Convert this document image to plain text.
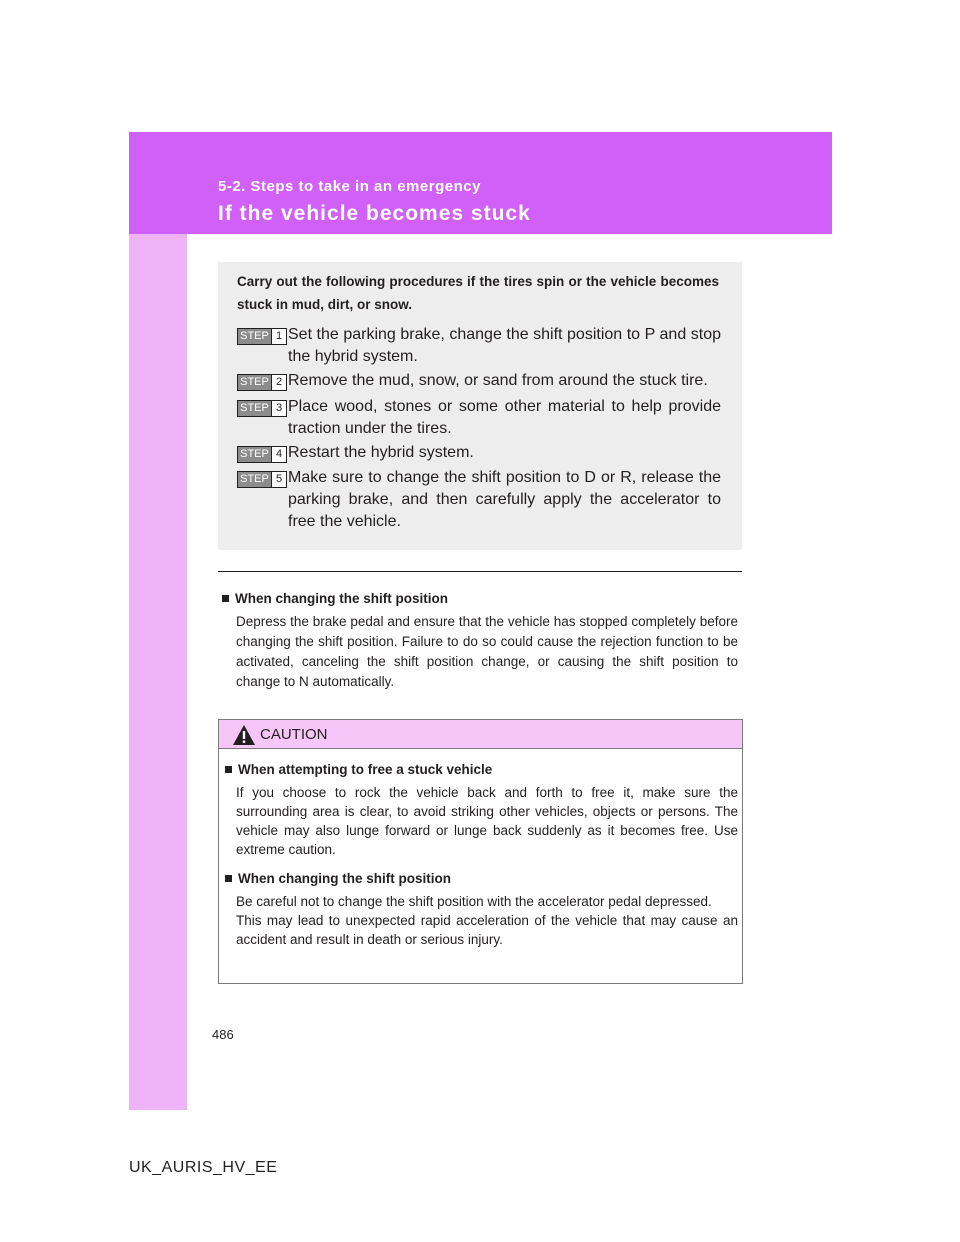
5-2. Steps to take in an emergency

If the vehicle becomes stuck

Carry out the following procedures if the tires spin or the vehicle becomes stuck in mud, dirt, or snow.

STEP 1 Set the parking brake, change the shift position to P and stop the hybrid system.
STEP 2 Remove the mud, snow, or sand from around the stuck tire.
STEP 3 Place wood, stones or some other material to help provide traction under the tires.
STEP 4 Restart the hybrid system.
STEP 5 Make sure to change the shift position to D or R, release the parking brake, and then carefully apply the accelerator to free the vehicle.

When changing the shift position

Depress the brake pedal and ensure that the vehicle has stopped completely before changing the shift position. Failure to do so could cause the rejection function to be activated, canceling the shift position change, or causing the shift position to change to N automatically.

CAUTION

When attempting to free a stuck vehicle

If you choose to rock the vehicle back and forth to free it, make sure the surrounding area is clear, to avoid striking other vehicles, objects or persons. The vehicle may also lunge forward or lunge back suddenly as it becomes free. Use extreme caution.

When changing the shift position

Be careful not to change the shift position with the accelerator pedal depressed.

This may lead to unexpected rapid acceleration of the vehicle that may cause an accident and result in death or serious injury.

486
UK_AURIS_HV_EE
